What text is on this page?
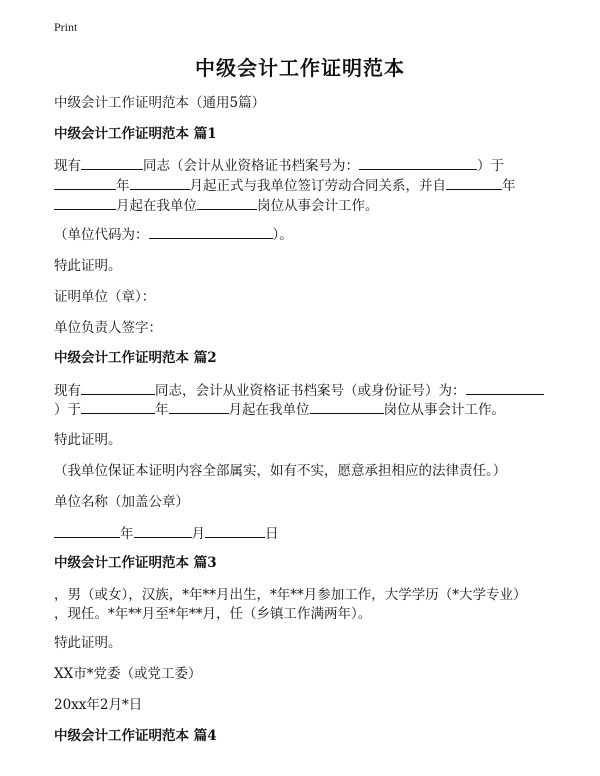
Print
中级会计工作证明范本
中级会计工作证明范本（通用5篇）
中级会计工作证明范本 篇1
现有	同志（会计从业资格证书档案号为：	）于
年	月起正式与我单位签订劳动合同关系，并自	年
月起在我单位	岗位从事会计工作。
（单位代码为：	）。
特此证明。
证明单位（章）：
单位负责人签字：
中级会计工作证明范本 篇2
现有	同志，会计从业资格证书档案号（或身份证号）为：
）于	年	月起在我单位	岗位从事会计工作。
特此证明。
（我单位保证本证明内容全部属实，如有不实，愿意承担相应的法律责任。）
单位名称（加盖公章）
年	月	日
中级会计工作证明范本 篇3
，男（或女），汉族，*年**月出生，*年**月参加工作，大学学历（*大学专业）
，现任。*年**月至*年**月，任（乡镇工作满两年）。
特此证明。
XX市*党委（或党工委）
20xx年2月*日
中级会计工作证明范本 篇4
